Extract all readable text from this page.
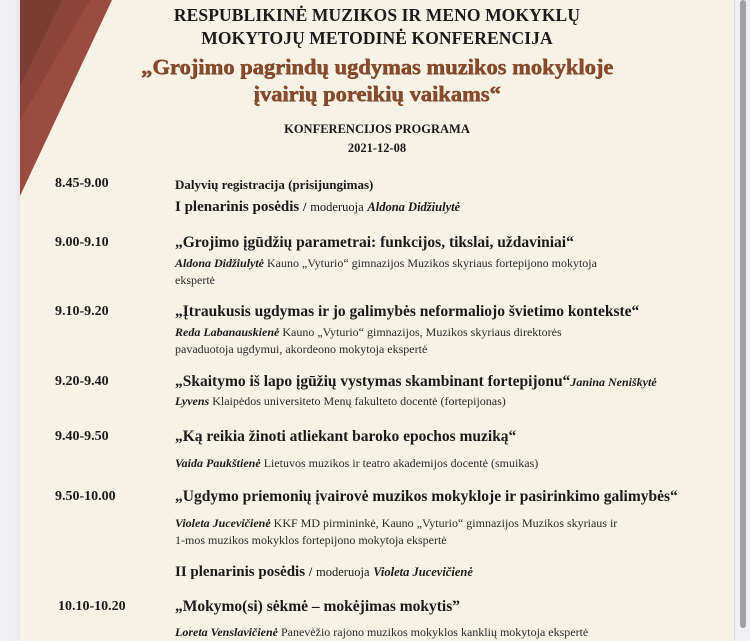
RESPUBLIKINĖ MUZIKOS IR MENO MOKYKLŲ
MOKYTOJŲ METODINĖ KONFERENCIJA
„Grojimo pagrindų ugdymas muzikos mokykloje
įvairių poreikių vaikams“
KONFERENCIJOS PROGRAMA
2021-12-08
8.45-9.00	Dalyvių registracija (prisijungimas)
I plenarinis posėdis / moderuoja Aldona Didžiulytė
9.00-9.10	„Grojimo įgūdžių parametrai: funkcijos, tikslai, uždaviniai“
Aldona Didžiulytė Kauno „Vyturio“ gimnazijos Muzikos skyriaus fortepijono mokytoja
ekspertė
9.10-9.20	„Įtraukusis ugdymas ir jo galimybės neformaliojo švietimo kontekste“
Reda Labanauskienė Kauno „Vyturio“ gimnazijos, Muzikos skyriaus direktorės
pavaduotoja ugdymui, akordeono mokytoja ekspertė
9.20-9.40	„Skaitymo iš lapo įgūžių vystymas skambinant fortepijonu“Janina Neniškytė
Lyvens Klaipėdos universiteto Menų fakulteto docentė (fortepijonas)
9.40-9.50	„Ką reikia žinoti atliekant baroko epochos muziką“
Vaida Paukštienė Lietuvos muzikos ir teatro akademijos docentė (smuikas)
9.50-10.00	„Ugdymo priemonių įvairovė muzikos mokykloje ir pasirinkimo galimybės“
Violeta Jucevičienė KKF MD pirmininkė, Kauno „Vyturio“ gimnazijos Muzikos skyriaus ir
1-mos muzikos mokyklos fortepijono mokytoja ekspertė
II plenarinis posėdis / moderuoja Violeta Jucevičienė
10.10-10.20	„Mokymo(si) sėkmė – mokėjimas mokytis”
Loreta Venslavičienė Panevėžio rajono muzikos mokyklos kanklių mokytoja ekspertė
